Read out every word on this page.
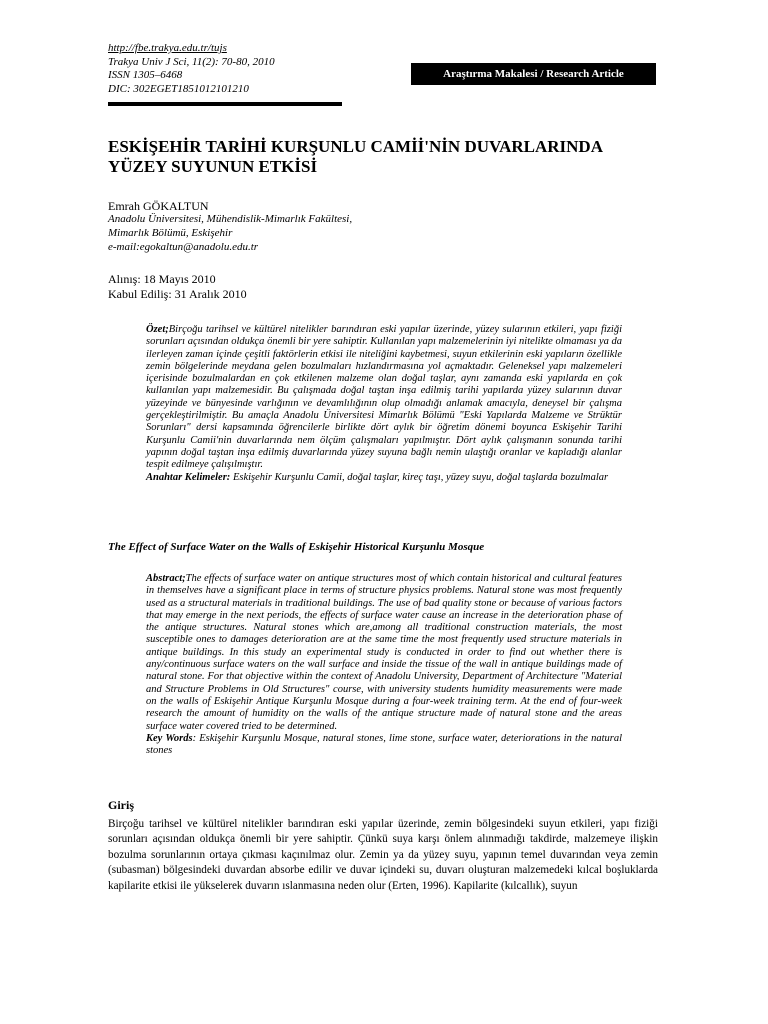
http://fbe.trakya.edu.tr/tujs
Trakya Univ J Sci, 11(2): 70-80, 2010
ISSN 1305–6468
DIC: 302EGET1851012101210
Araştırma Makalesi / Research Article
ESKİŞEHİR TARİHİ KURŞUNLU CAMİİ'NİN DUVARLARINDA
YÜZEY SUYUNUN ETKİSİ
Emrah GÖKALTUN
Anadolu Üniversitesi, Mühendislik-Mimarlık Fakültesi,
Mimarlık Bölümü, Eskişehir
e-mail:egokaltun@anadolu.edu.tr
Alınış: 18 Mayıs 2010
Kabul Ediliş: 31 Aralık 2010
Özet;Birçoğu tarihsel ve kültürel nitelikler barındıran eski yapılar üzerinde, yüzey sularının etkileri, yapı fiziği sorunları açısından oldukça önemli bir yere sahiptir. Kullanılan yapı malzemelerinin iyi nitelikte olmaması ya da ilerleyen zaman içinde çeşitli faktörlerin etkisi ile niteliğini kaybetmesi, suyun etkilerinin eski yapıların özellikle zemin bölgelerinde meydana gelen bozulmaları hızlandırmasına yol açmaktadır. Geleneksel yapı malzemeleri içerisinde bozulmalardan en çok etkilenen malzeme olan doğal taşlar, aynı zamanda eski yapılarda en çok kullanılan yapı malzemesidir. Bu çalışmada doğal taştan inşa edilmiş tarihi yapılarda yüzey sularının duvar yüzeyinde ve bünyesinde varlığının ve devamlılığının olup olmadığı anlamak amacıyla, deneysel bir çalışma gerçekleştirilmiştir. Bu amaçla Anadolu Üniversitesi Mimarlık Bölümü "Eski Yapılarda Malzeme ve Strüktür Sorunları" dersi kapsamında öğrencilerle birlikte dört aylık bir öğretim dönemi boyunca Eskişehir Tarihi Kurşunlu Camii'nin duvarlarında nem ölçüm çalışmaları yapılmıştır. Dört aylık çalışmanın sonunda tarihi yapının doğal taştan inşa edilmiş duvarlarında yüzey suyuna bağlı nemin ulaştığı oranlar ve kapladığı alanlar tespit edilmeye çalışılmıştır.
Anahtar Kelimeler: Eskişehir Kurşunlu Camii, doğal taşlar, kireç taşı, yüzey suyu, doğal taşlarda bozulmalar
The Effect of Surface Water on the Walls of Eskişehir Historical Kurşunlu Mosque
Abstract;The effects of surface water on antique structures most of which contain historical and cultural features in themselves have a significant place in terms of structure physics problems. Natural stone was most frequently used as a structural materials in traditional buildings. The use of bad quality stone or because of various factors that may emerge in the next periods, the effects of surface water cause an increase in the deterioration phase of the antique structures. Natural stones which are,among all traditional construction materials, the most susceptible ones to damages deterioration are at the same time the most frequently used structure materials in antique buildings. In this study an experimental study is conducted in order to find out whether there is any/continuous surface waters on the wall surface and inside the tissue of the wall in antique buildings made of natural stone. For that objective within the context of Anadolu University, Department of Architecture "Material and Structure Problems in Old Structures" course, with university students humidity measurements were made on the walls of Eskişehir Antique Kurşunlu Mosque during a four-week training term. At the end of four-week research the amount of humidity on the walls of the antique structure made of natural stone and the areas surface water covered tried to be determined.
Key Words: Eskişehir Kurşunlu Mosque, natural stones, lime stone, surface water, deteriorations in the natural stones
Giriş
Birçoğu tarihsel ve kültürel nitelikler barındıran eski yapılar üzerinde, zemin bölgesindeki suyun etkileri, yapı fiziği sorunları açısından oldukça önemli bir yere sahiptir. Çünkü suya karşı önlem alınmadığı takdirde, malzemeye ilişkin bozulma sorunlarının ortaya çıkması kaçınılmaz olur. Zemin ya da yüzey suyu, yapının temel duvarından veya zemin (subasman) bölgesindeki duvardan absorbe edilir ve duvar içindeki su, duvarı oluşturan malzemedeki kılcal boşluklarda kapilarite etkisi ile yükselerek duvarın ıslanmasına neden olur (Erten, 1996). Kapilarite (kılcallık), suyun
